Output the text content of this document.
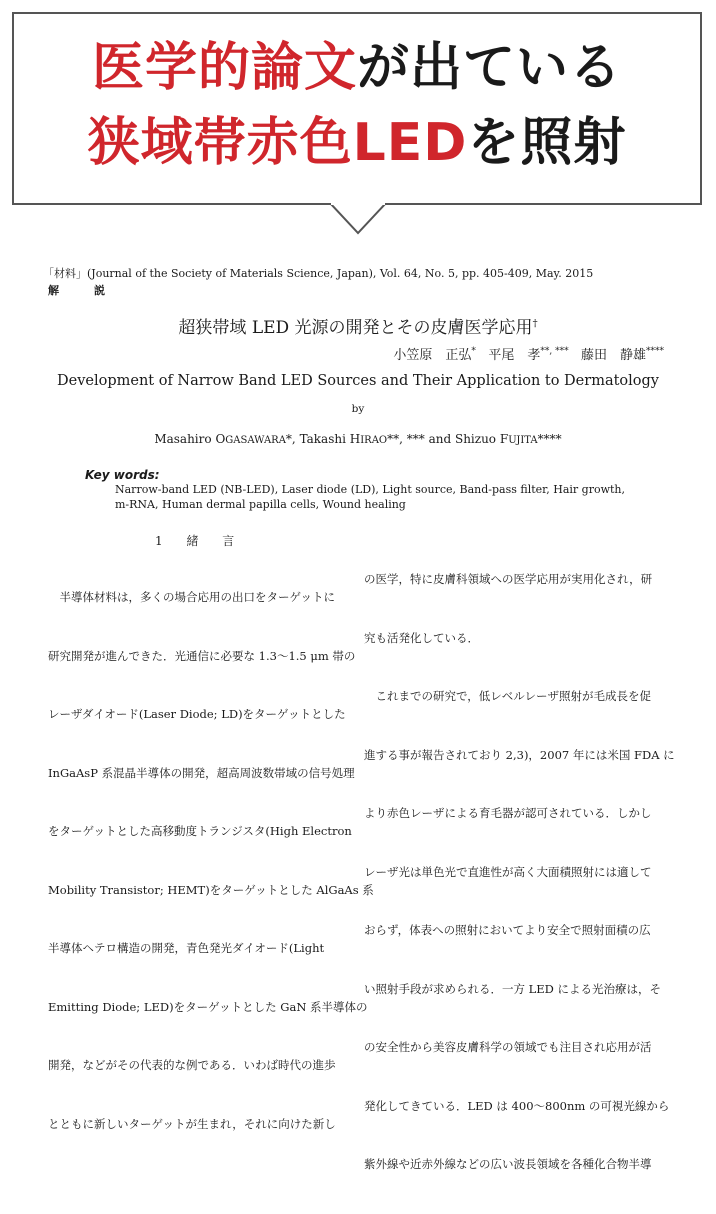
医学的論文が出ている
狭域帯赤色LEDを照射
「材料」(Journal of the Society of Materials Science, Japan), Vol. 64, No. 5, pp. 405-409, May. 2015
解　説
超狭帯域 LED 光源の開発とその皮膚医学応用†
小笠原　正弘* 平尾　孝**, *** 藤田　静雄****
Development of Narrow Band LED Sources and Their Application to Dermatology
by
Masahiro OGASAWARA*, Takashi HIRAO**, *** and Shizuo FUJITA****
Key words:
Narrow-band LED (NB-LED), Laser diode (LD), Light source, Band-pass filter, Hair growth, m-RNA, Human dermal papilla cells, Wound healing
1 緒 言

　半導体材料は，多くの場合応用の出口をターゲットに

研究開発が進んできた．光通信に必要な 1.3～1.5 μm 帯の

レーザダイオード(Laser Diode; LD)をターゲットとした

InGaAsP 系混晶半導体の開発，超高周波数帯域の信号処理

をターゲットとした高移動度トランジスタ(High Electron

Mobility Transistor; HEMT)をターゲットとした AlGaAs 系

半導体ヘテロ構造の開発，青色発光ダイオード(Light

Emitting Diode; LED)をターゲットとした GaN 系半導体の

開発，などがその代表的な例である．いわば時代の進歩

とともに新しいターゲットが生まれ，それに向けた新し

の医学，特に皮膚科領域への医学応用が実用化され，研

究も活発化している．

　これまでの研究で，低レベルレーザ照射が毛成長を促

進する事が報告されており 2,3)，2007 年には米国 FDA に

より赤色レーザによる育毛器が認可されている．しかし

レーザ光は単色光で直進性が高く大面積照射には適して

おらず，体表への照射においてより安全で照射面積の広

い照射手段が求められる．一方 LED による光治療は，そ

の安全性から美容皮膚科学の領域でも注目され応用が活

発化してきている．LED は 400～800nm の可視光線から

紫外線や近赤外線などの広い波長領域を各種化合物半導
